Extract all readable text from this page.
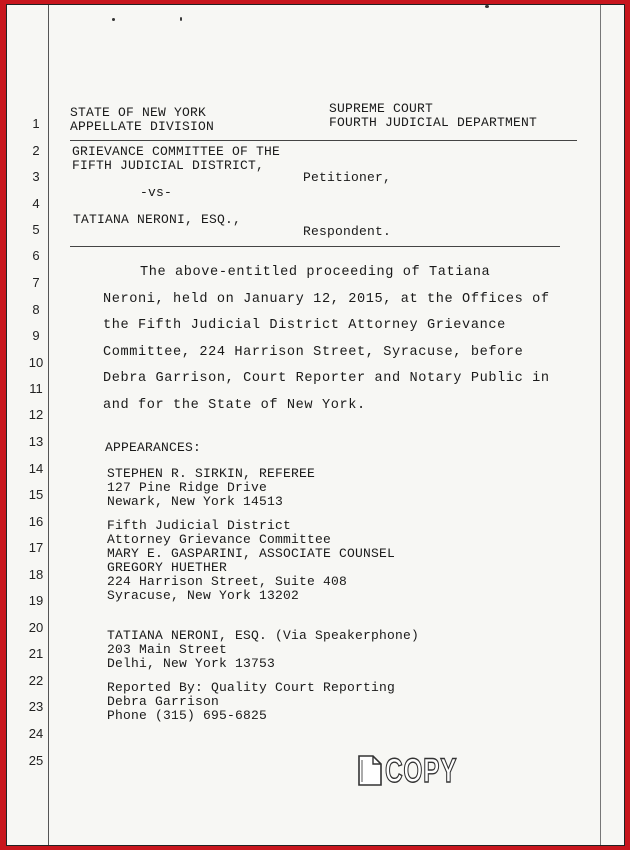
1
2
3
4
5
6
7
8
9
10
11
12
13
14
15
16
17
18
19
20
21
22
23
24
25
STATE OF NEW YORK
APPELLATE DIVISION
SUPREME COURT
FOURTH JUDICIAL DEPARTMENT
GRIEVANCE COMMITTEE OF THE
FIFTH JUDICIAL DISTRICT,
Petitioner,
-vs-
TATIANA NERONI, ESQ.,
Respondent.
The above-entitled proceeding of Tatiana
Neroni, held on January 12, 2015, at the Offices of
the Fifth Judicial District Attorney Grievance
Committee, 224 Harrison Street, Syracuse, before
Debra Garrison, Court Reporter and Notary Public in
and for the State of New York.
APPEARANCES:
STEPHEN R. SIRKIN, REFEREE
127 Pine Ridge Drive
Newark, New York 14513
Fifth Judicial District
Attorney Grievance Committee
MARY E. GASPARINI, ASSOCIATE COUNSEL
GREGORY HUETHER
224 Harrison Street, Suite 408
Syracuse, New York 13202
TATIANA NERONI, ESQ. (Via Speakerphone)
203 Main Street
Delhi, New York 13753
Reported By: Quality Court Reporting
Debra Garrison
Phone (315) 695-6825
COPY
